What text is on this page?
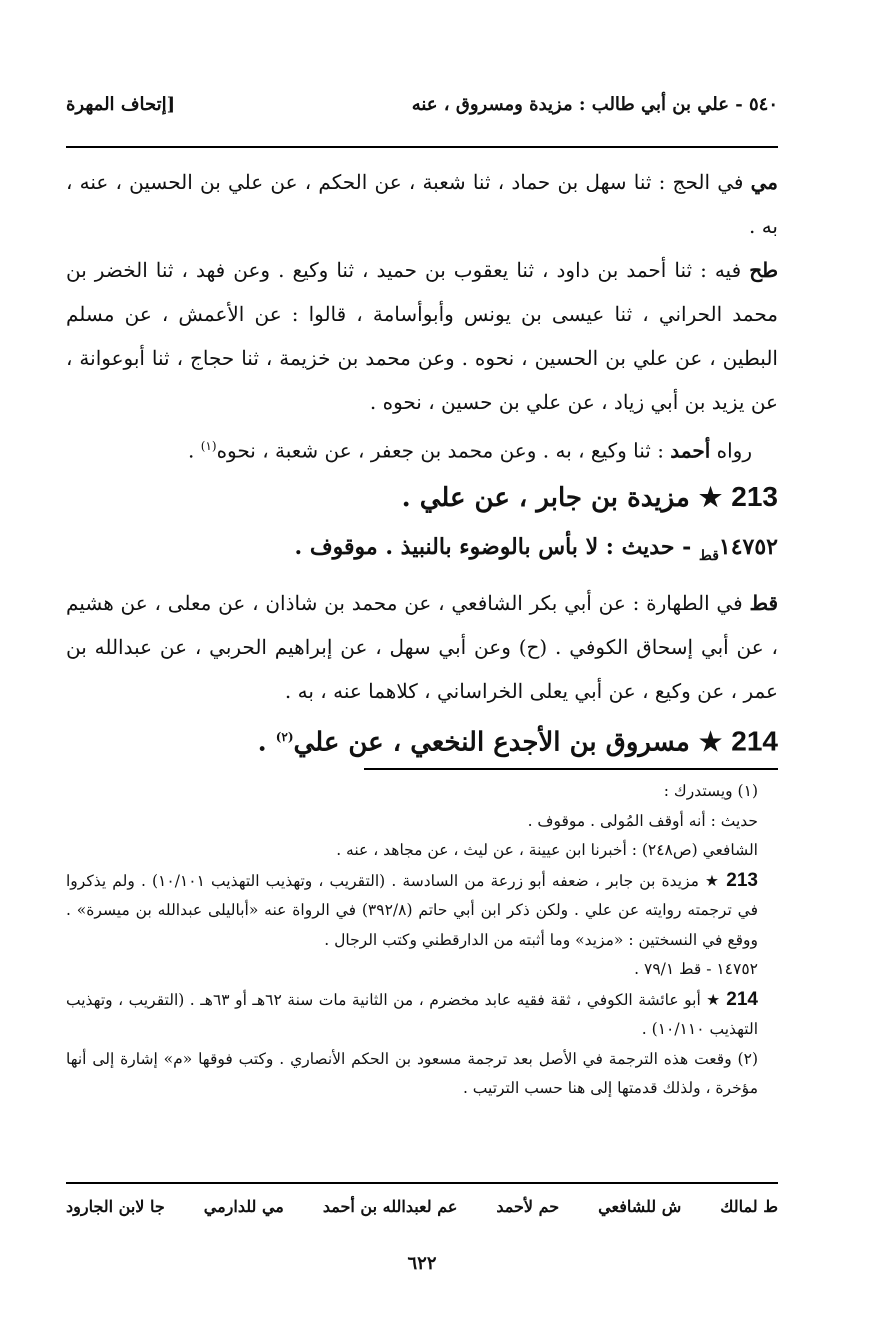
٥٤٠ - علي بن أبي طالب : مزيدة ومسروق ، عنه
[إتحاف المهرة

مي في الحج : ثنا سهل بن حماد ، ثنا شعبة ، عن الحكم ، عن علي بن الحسين ، عنه ، به .

طح فيه : ثنا أحمد بن داود ، ثنا يعقوب بن حميد ، ثنا وكيع . وعن فهد ، ثنا الخضر بن محمد الحراني ، ثنا عيسى بن يونس وأبوأسامة ، قالوا : عن الأعمش ، عن مسلم البطين ، عن علي بن الحسين ، نحوه . وعن محمد بن خزيمة ، ثنا حجاج ، ثنا أبوعوانة ، عن يزيد بن أبي زياد ، عن علي بن حسين ، نحوه .

رواه أحمد : ثنا وكيع ، به . وعن محمد بن جعفر ، عن شعبة ، نحوه$^{(١)}$ .

213 ★ مزيدة بن جابر ، عن علي .

$١٤٧٥٢_{قط}$ - حديث : لا بأس بالوضوء بالنبيذ . موقوف .

قط في الطهارة : عن أبي بكر الشافعي ، عن محمد بن شاذان ، عن معلى ، عن هشيم ، عن أبي إسحاق الكوفي . (ح) وعن أبي سهل ، عن إبراهيم الحربي ، عن عبدالله بن عمر ، عن وكيع ، عن أبي يعلى الخراساني ، كلاهما عنه ، به .

214 ★ مسروق بن الأجدع النخعي ، عن علي$^{(٢)}$ .

(١) ويستدرك :

حديث : أنه أوقف المُولى . موقوف .

الشافعي (ص٢٤٨) : أخبرنا ابن عيينة ، عن ليث ، عن مجاهد ، عنه .

213 ★ مزيدة بن جابر ، ضعفه أبو زرعة من السادسة . (التقريب ، وتهذيب التهذيب ١٠/١٠١) . ولم يذكروا في ترجمته روايته عن علي . ولكن ذكر ابن أبي حاتم (٣٩٢/٨) في الرواة عنه «أباليلى عبدالله بن ميسرة» . ووقع في النسختين : «مزيد» وما أثبته من الدارقطني وكتب الرجال .

١٤٧٥٢ - قط ٧٩/١ .

214 ★ أبو عائشة الكوفي ، ثقة فقيه عابد مخضرم ، من الثانية مات سنة ٦٢هـ أو ٦٣هـ . (التقريب ، وتهذيب التهذيب ١٠/١١٠) .

(٢) وقعت هذه الترجمة في الأصل بعد ترجمة مسعود بن الحكم الأنصاري . وكتب فوقها «م» إشارة إلى أنها مؤخرة ، ولذلك قدمتها إلى هنا حسب الترتيب .

ط لمالك
ش للشافعي
حم لأحمد
عم لعبدالله بن أحمد
مي للدارمي
جا لابن الجارود
٦٢٢
